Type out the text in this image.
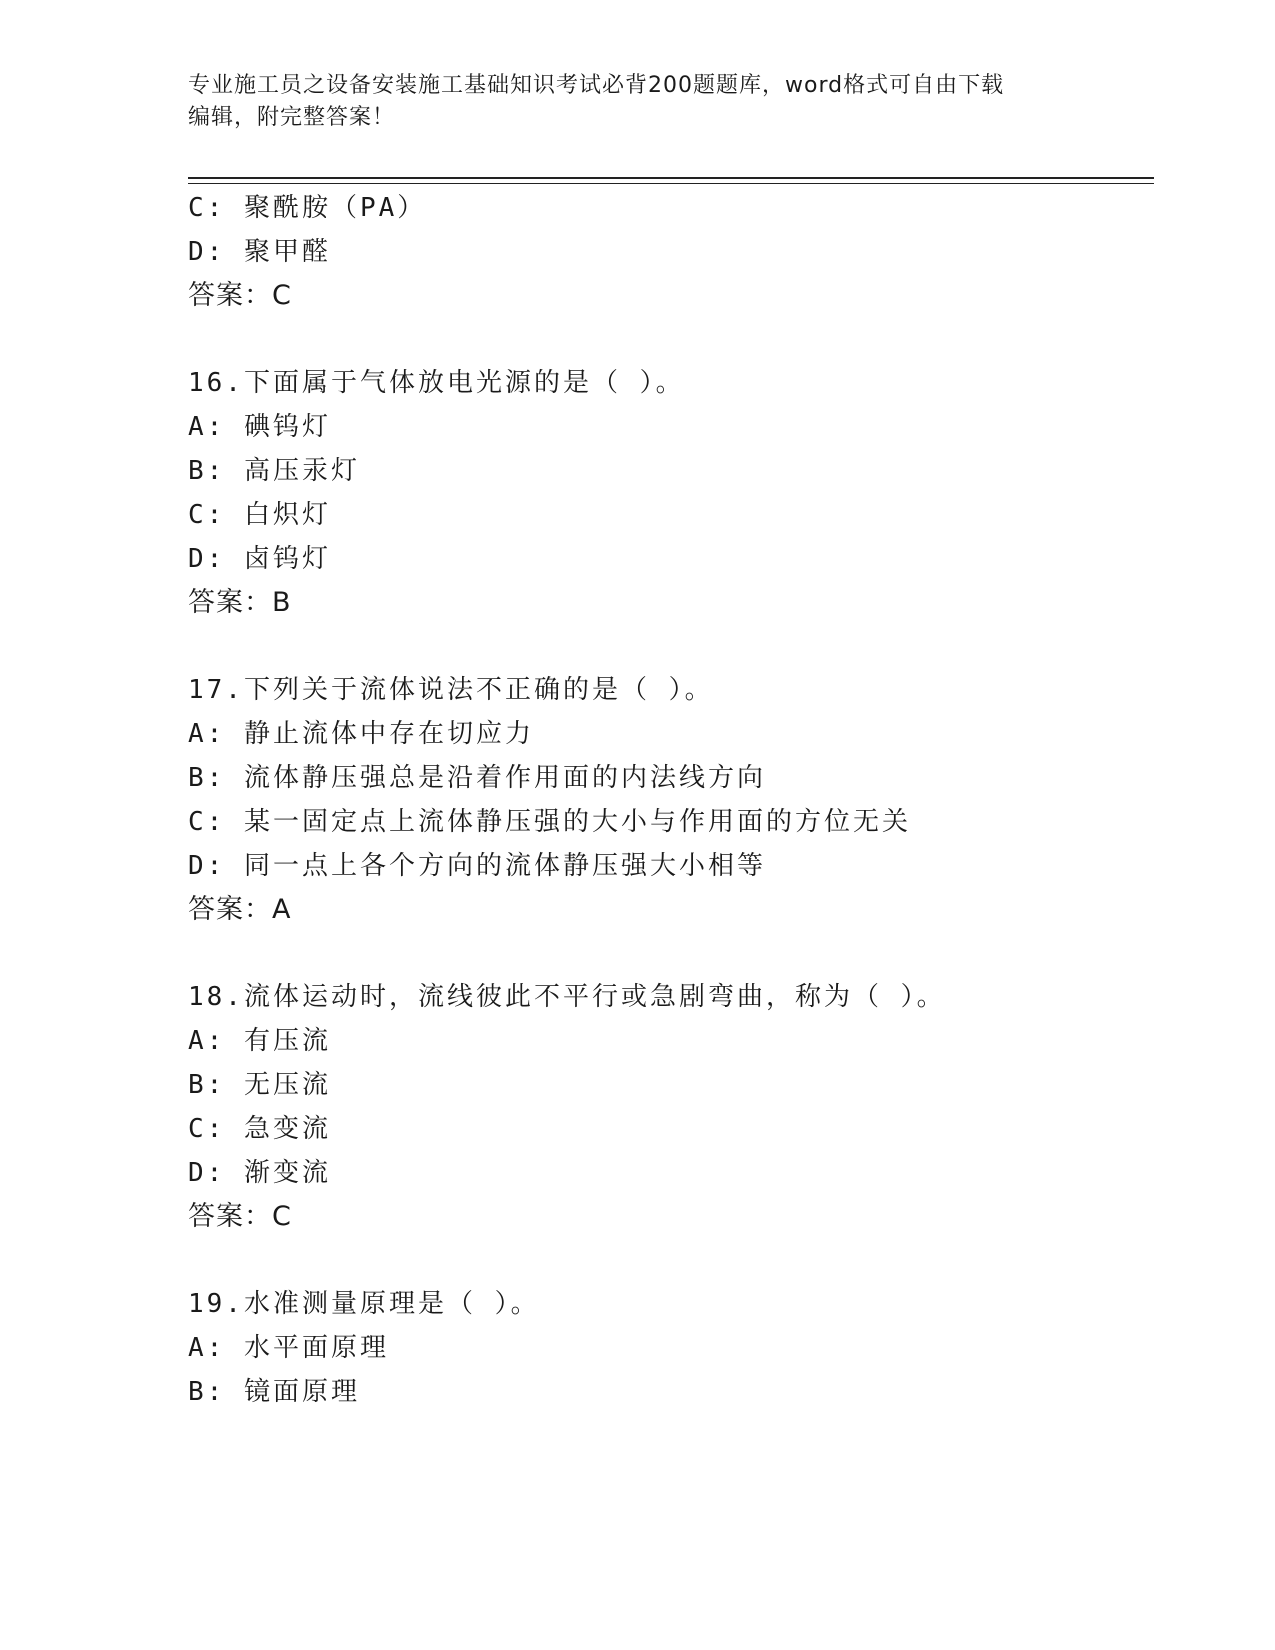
专业施工员之设备安装施工基础知识考试必背200题题库，word格式可自由下载
编辑，附完整答案！
C: 聚酰胺（PA）
D: 聚甲醛
答案：C
16.下面属于气体放电光源的是（ ）。
A: 碘钨灯
B: 高压汞灯
C: 白炽灯
D: 卤钨灯
答案：B
17.下列关于流体说法不正确的是（ ）。
A: 静止流体中存在切应力
B: 流体静压强总是沿着作用面的内法线方向
C: 某一固定点上流体静压强的大小与作用面的方位无关
D: 同一点上各个方向的流体静压强大小相等
答案：A
18.流体运动时，流线彼此不平行或急剧弯曲，称为（ ）。
A: 有压流
B: 无压流
C: 急变流
D: 渐变流
答案：C
19.水准测量原理是（ ）。
A: 水平面原理
B: 镜面原理
